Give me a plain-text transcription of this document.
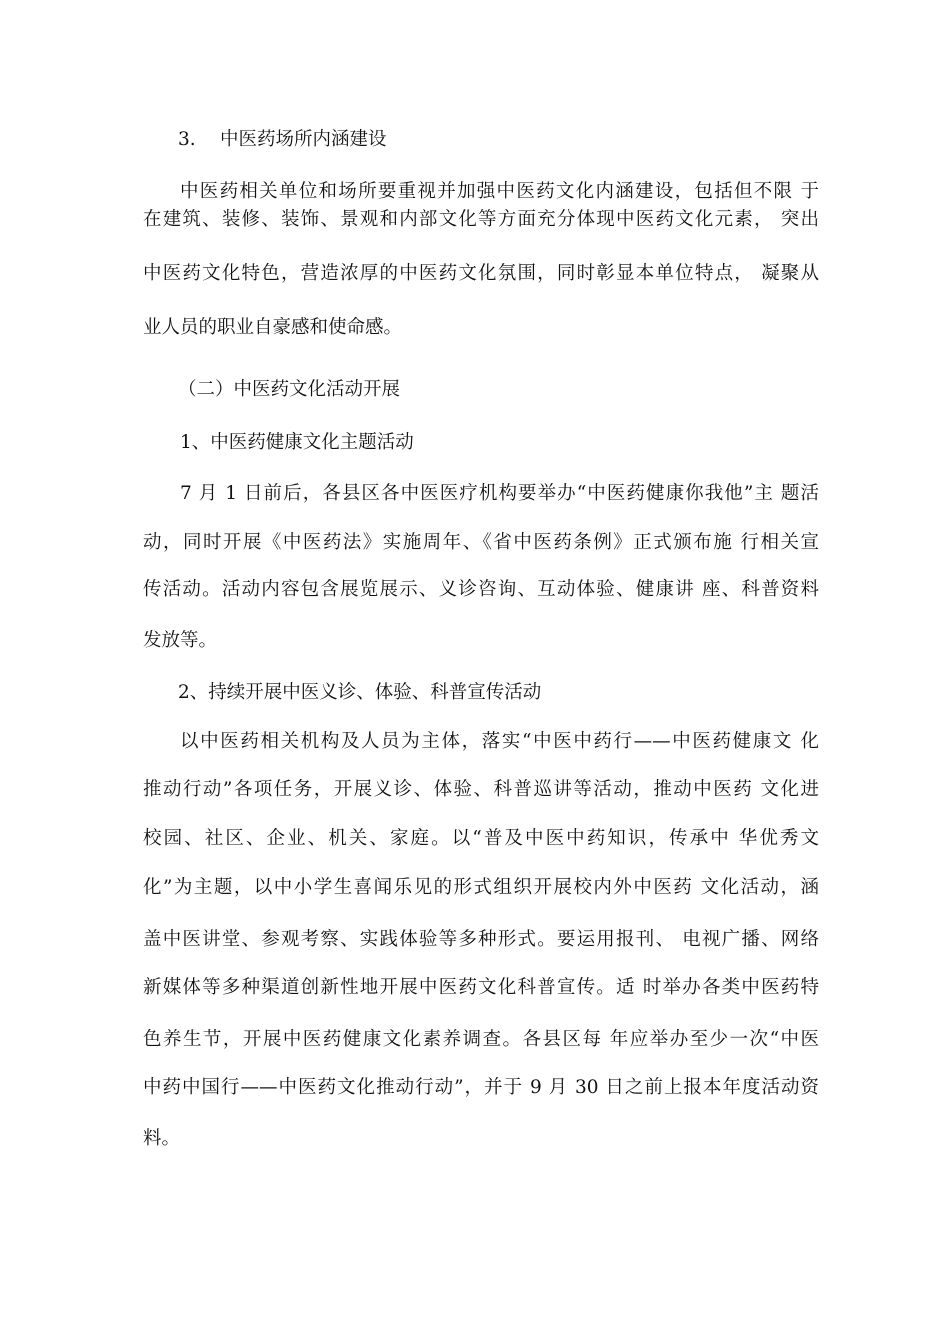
3. 中医药场所内涵建设
中医药相关单位和场所要重视并加强中医药文化内涵建设，包括但不限 于
在建筑、装修、装饰、景观和内部文化等方面充分体现中医药文化元素， 突出
中医药文化特色，营造浓厚的中医药文化氛围，同时彰显本单位特点， 凝聚从
业人员的职业自豪感和使命感。
（二）中医药文化活动开展
1、中医药健康文化主题活动
7 月 1 日前后，各县区各中医医疗机构要举办“中医药健康你我他”主 题活
动，同时开展《中医药法》实施周年、《省中医药条例》正式颁布施 行相关宣
传活动。活动内容包含展览展示、义诊咨询、互动体验、健康讲 座、科普资料
发放等。
2、持续开展中医义诊、体验、科普宣传活动
以中医药相关机构及人员为主体，落实“中医中药行——中医药健康文 化
推动行动”各项任务，开展义诊、体验、科普巡讲等活动，推动中医药 文化进
校园、社区、企业、机关、家庭。以“普及中医中药知识，传承中 华优秀文
化”为主题，以中小学生喜闻乐见的形式组织开展校内外中医药 文化活动，涵
盖中医讲堂、参观考察、实践体验等多种形式。要运用报刊、 电视广播、网络
新媒体等多种渠道创新性地开展中医药文化科普宣传。适 时举办各类中医药特
色养生节，开展中医药健康文化素养调查。各县区每 年应举办至少一次“中医
中药中国行——中医药文化推动行动”，并于 9 月 30 日之前上报本年度活动资
料。
